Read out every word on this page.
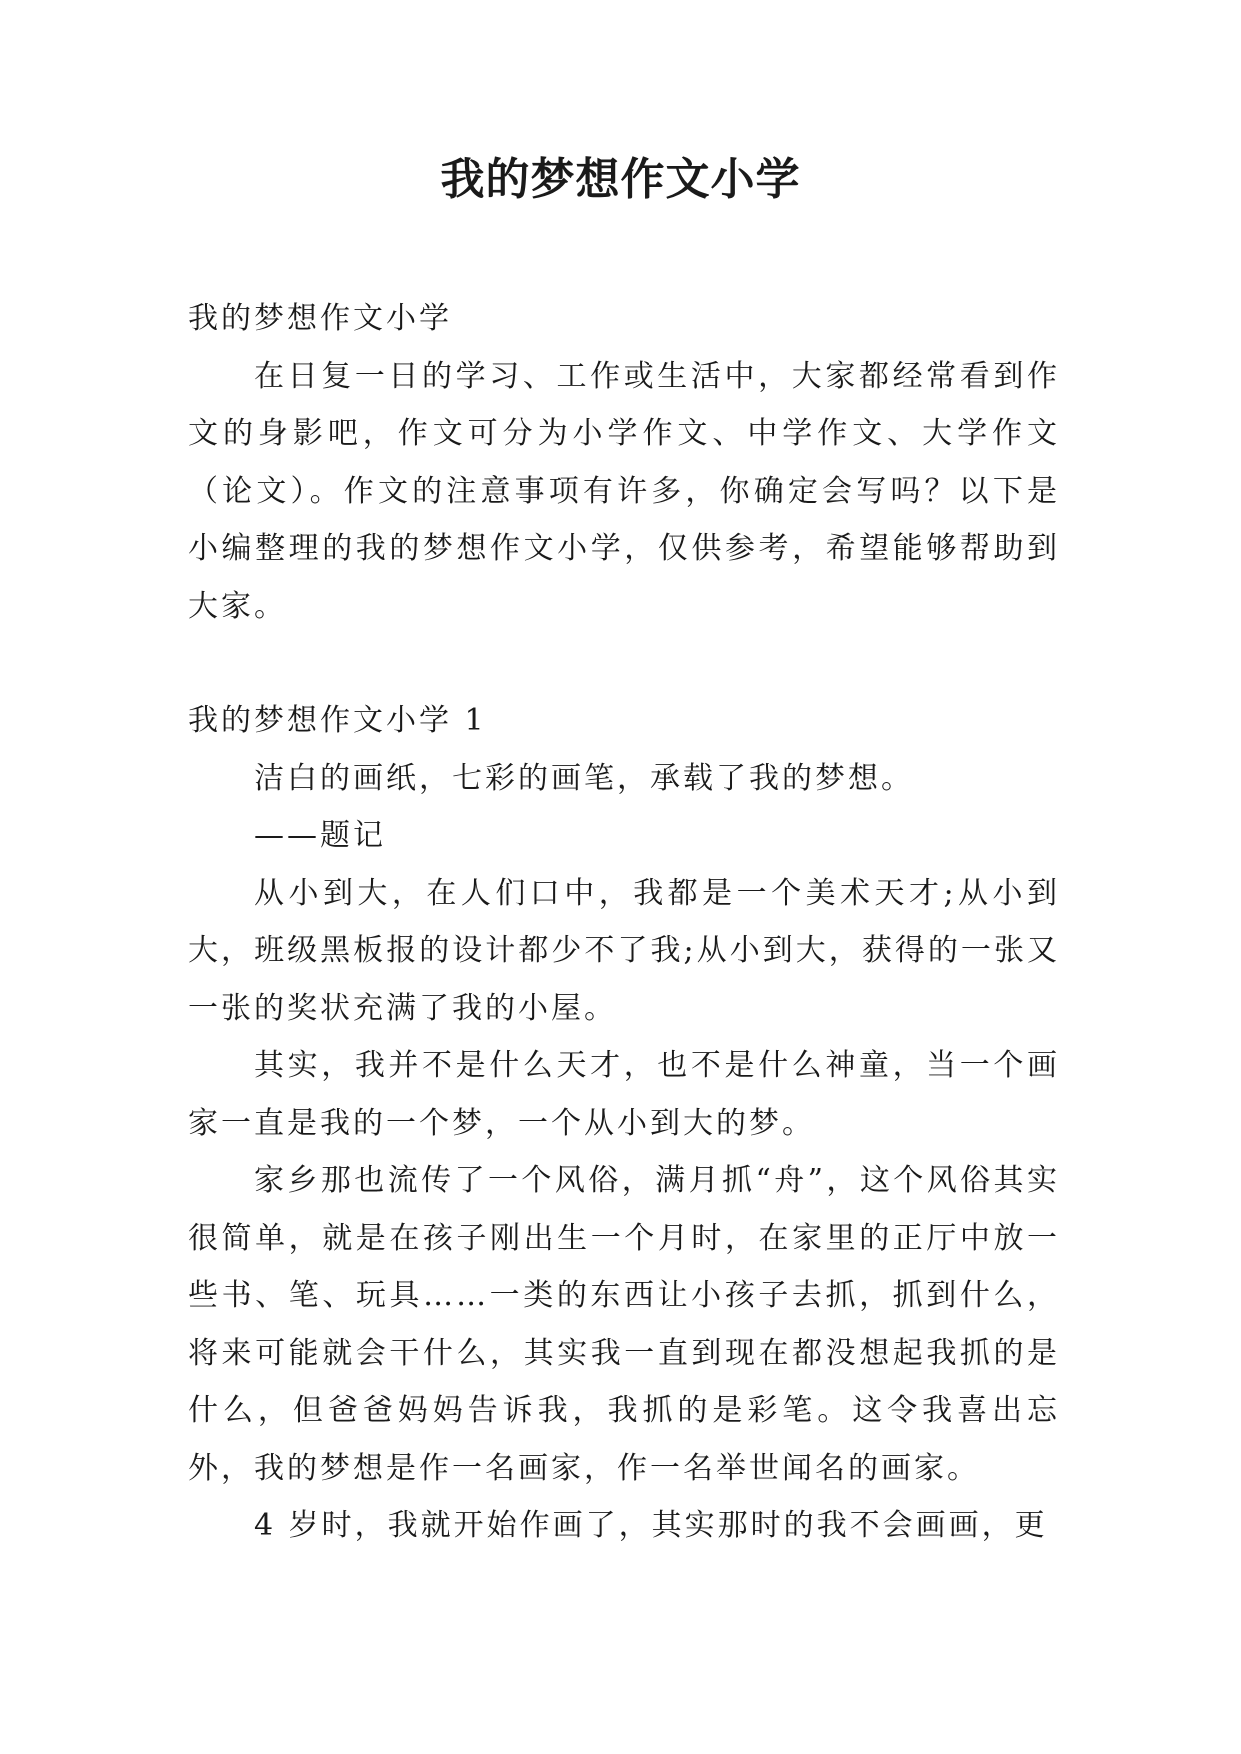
我的梦想作文小学

我的梦想作文小学

在日复一日的学习、工作或生活中，大家都经常看到作文的身影吧，作文可分为小学作文、中学作文、大学作文（论文）。作文的注意事项有许多，你确定会写吗？以下是小编整理的我的梦想作文小学，仅供参考，希望能够帮助到大家。

我的梦想作文小学 1

洁白的画纸，七彩的画笔，承载了我的梦想。

——题记

从小到大，在人们口中，我都是一个美术天才;从小到大，班级黑板报的设计都少不了我;从小到大，获得的一张又一张的奖状充满了我的小屋。

其实，我并不是什么天才，也不是什么神童，当一个画家一直是我的一个梦，一个从小到大的梦。

家乡那也流传了一个风俗，满月抓“舟”，这个风俗其实很简单，就是在孩子刚出生一个月时，在家里的正厅中放一些书、笔、玩具……一类的东西让小孩子去抓，抓到什么，将来可能就会干什么，其实我一直到现在都没想起我抓的是什么，但爸爸妈妈告诉我，我抓的是彩笔。这令我喜出忘外，我的梦想是作一名画家，作一名举世闻名的画家。

4 岁时，我就开始作画了，其实那时的我不会画画，更
